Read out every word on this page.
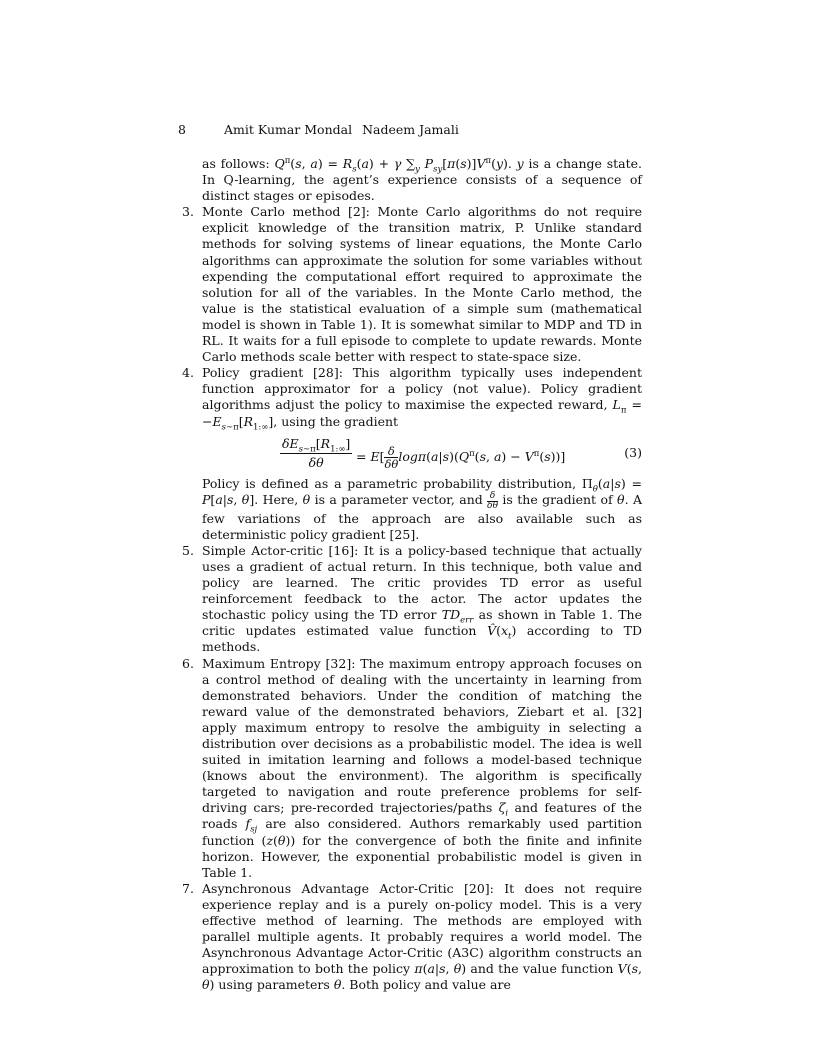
8	Amit Kumar Mondal Nadeem Jamali

as follows: $Q^\pi(s$, $a) = R_s(a) + \gamma$ $\sum_y$ $P_{sy}[\pi(s)]V^\pi(y)$. y is a change state. In Q-learning, the agent’s experience consists of a sequence of distinct stages or episodes.

3. Monte Carlo method [2]: Monte Carlo algorithms do not require explicit knowledge of the transition matrix, P. Unlike standard methods for solving systems of linear equations, the Monte Carlo algorithms can approximate the solution for some variables without expending the computational effort required to approximate the solution for all of the variables. In the Monte Carlo method, the value is the statistical evaluation of a simple sum (mathematical model is shown in Table 1). It is somewhat similar to MDP and TD in RL. It waits for a full episode to complete to update rewards. Monte Carlo methods scale better with respect to state-space size.

4. Policy gradient [28]: This algorithm typically uses independent function approximator for a policy (not value). Policy gradient algorithms adjust the policy to maximise the expected reward, $L_\pi = -E_{s\sim\pi}[R_{1:\infty}]$, using the gradient

$\delta E_{s\sim\pi}[R_{1:\infty}]$
δθ	= $E[ \frac{\delta}{\delta\theta}\log\pi(a|s)(Q^\pi(s$, $a) - V^\pi(s)$)]	(3)

Policy is defined as a parametric probability distribution, $\Pi_\theta(a|s) = P[a|s$, θ]. Here, θ is a parameter vector, and $\frac{\delta}{\delta\theta}$ is the gradient of θ. A few variations of the approach are also available such as deterministic policy gradient [25].

5. Simple Actor-critic [16]: It is a policy-based technique that actually uses a gradient of actual return. In this technique, both value and policy are learned. The critic provides TD error as useful reinforcement feedback to the actor. The actor updates the stochastic policy using the TD error $TD_{err}$ as shown in Table 1. The critic updates estimated value function $V̂(x_t)$ according to TD methods.

6. Maximum Entropy [32]: The maximum entropy approach focuses on a control method of dealing with the uncertainty in learning from demonstrated behaviors. Under the condition of matching the reward value of the demonstrated behaviors, Ziebart et al. [32] apply maximum entropy to resolve the ambiguity in selecting a distribution over decisions as a probabilistic model. The idea is well suited in imitation learning and follows a model-based technique (knows about the environment). The algorithm is specifically targeted to navigation and route preference problems for self-driving cars; pre-recorded trajectories/paths $\zeta_i$ and features of the roads $f_{sj}$ are also considered. Authors remarkably used partition function (z(θ)) for the convergence of both the finite and infinite horizon. However, the exponential probabilistic model is given in Table 1.

7. Asynchronous Advantage Actor-Critic [20]: It does not require experience replay and is a purely on-policy model. This is a very effective method of learning. The methods are employed with parallel multiple agents. It probably requires a world model. The Asynchronous Advantage Actor-Critic (A3C) algorithm constructs an approximation to both the policy π(a|s, θ) and the value function V(s, θ) using parameters θ. Both policy and value are
